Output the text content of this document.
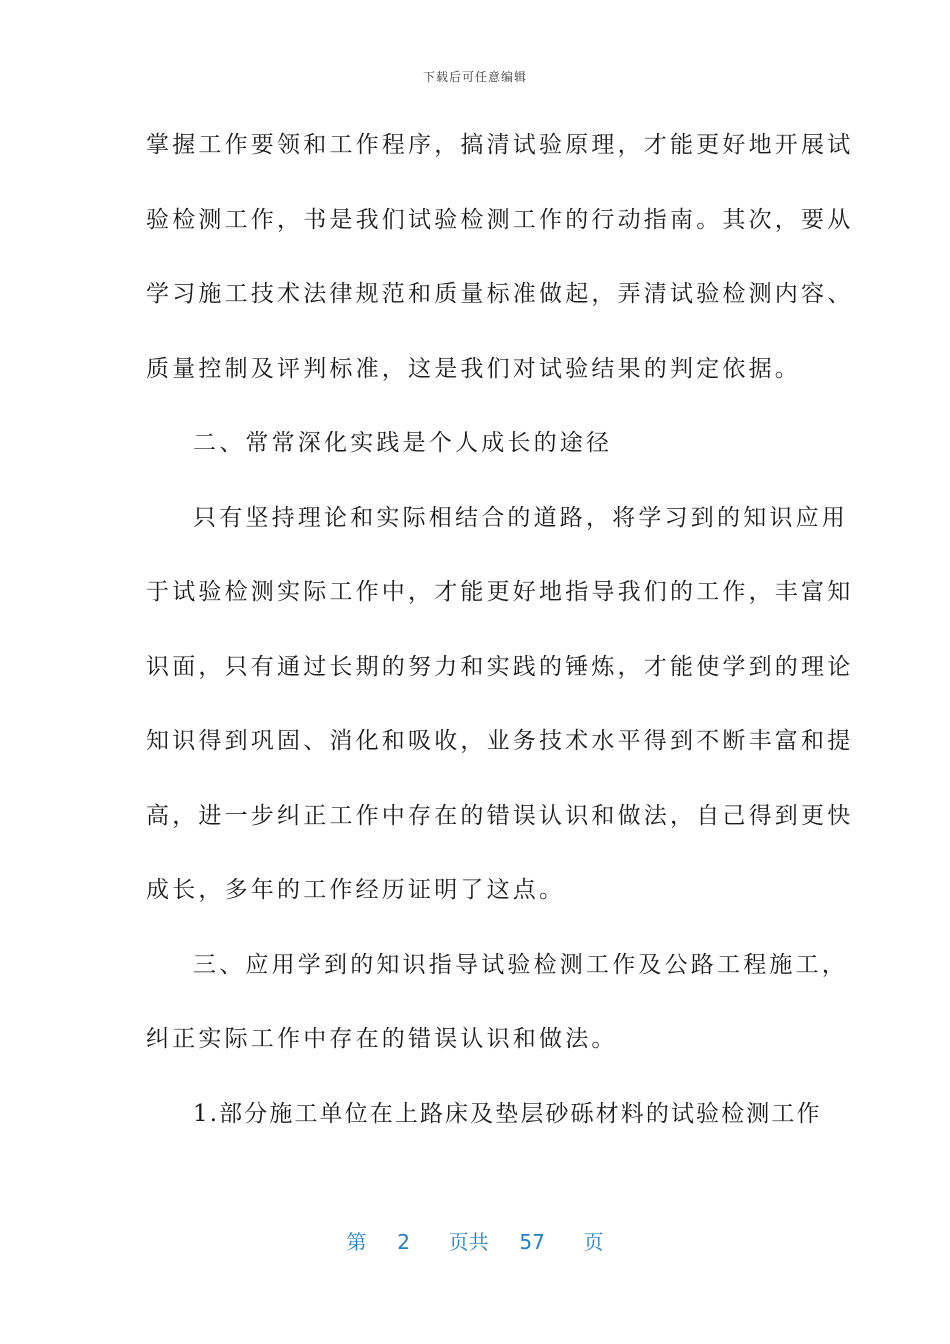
下载后可任意编辑
掌握工作要领和工作程序，搞清试验原理，才能更好地开展试
验检测工作，书是我们试验检测工作的行动指南。其次，要从
学习施工技术法律规范和质量标准做起，弄清试验检测内容、
质量控制及评判标准，这是我们对试验结果的判定依据。
二、常常深化实践是个人成长的途径
只有坚持理论和实际相结合的道路，将学习到的知识应用
于试验检测实际工作中，才能更好地指导我们的工作，丰富知
识面，只有通过长期的努力和实践的锤炼，才能使学到的理论
知识得到巩固、消化和吸收，业务技术水平得到不断丰富和提
高，进一步纠正工作中存在的错误认识和做法，自己得到更快
成长，多年的工作经历证明了这点。
三、应用学到的知识指导试验检测工作及公路工程施工，
纠正实际工作中存在的错误认识和做法。
1.部分施工单位在上路床及垫层砂砾材料的试验检测工作
第 2 页共 57 页
